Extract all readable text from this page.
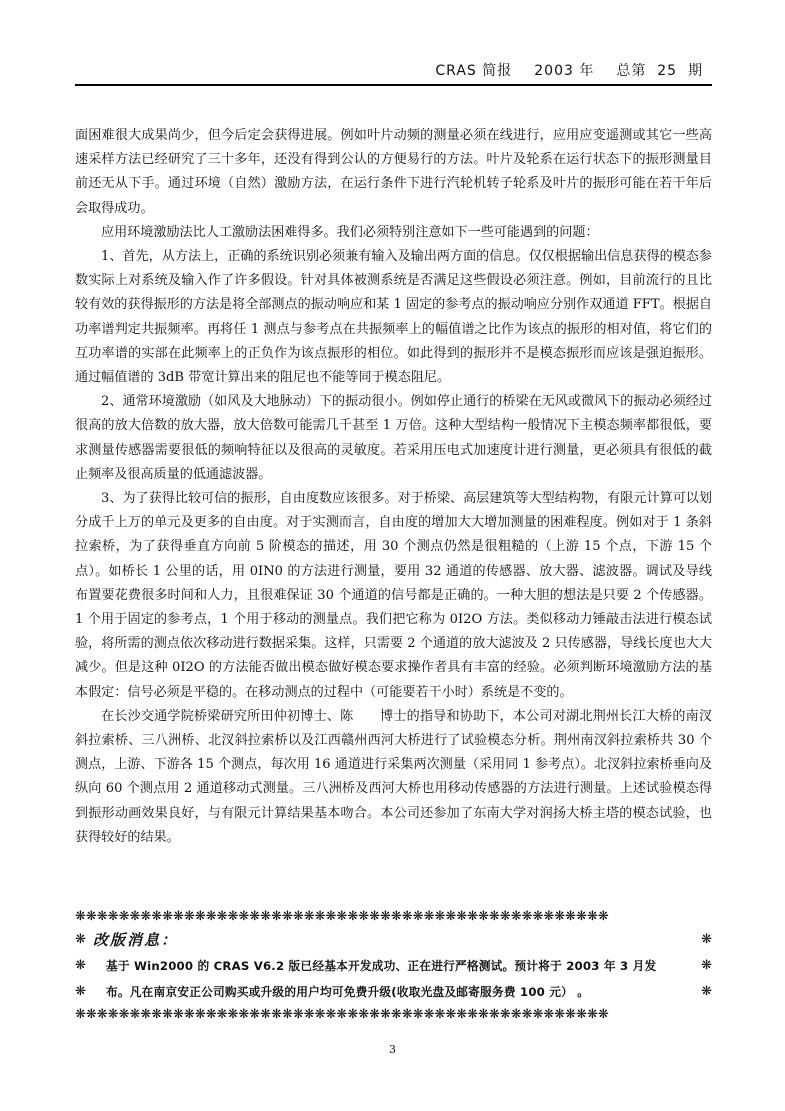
CRAS 简报 2003 年 总第 25 期

面困难很大成果尚少，但今后定会获得进展。例如叶片动频的测量必须在线进行，应用应变遥测或其它一些高速采样方法已经研究了三十多年，还没有得到公认的方便易行的方法。叶片及轮系在运行状态下的振形测量目前还无从下手。通过环境（自然）激励方法，在运行条件下进行汽轮机转子轮系及叶片的振形可能在若干年后会取得成功。

应用环境激励法比人工激励法困难得多。我们必须特别注意如下一些可能遇到的问题：

1、首先，从方法上，正确的系统识别必须兼有输入及输出两方面的信息。仅仅根据输出信息获得的模态参数实际上对系统及输入作了许多假设。针对具体被测系统是否满足这些假设必须注意。例如，目前流行的且比较有效的获得振形的方法是将全部测点的振动响应和某 1 固定的参考点的振动响应分别作双通道 FFT。根据自功率谱判定共振频率。再将任 1 测点与参考点在共振频率上的幅值谱之比作为该点的振形的相对值，将它们的互功率谱的实部在此频率上的正负作为该点振形的相位。如此得到的振形并不是模态振形而应该是强迫振形。通过幅值谱的 3dB 带宽计算出来的阻尼也不能等同于模态阻尼。

2、通常环境激励（如风及大地脉动）下的振动很小。例如停止通行的桥梁在无风或微风下的振动必须经过很高的放大倍数的放大器，放大倍数可能需几千甚至 1 万倍。这种大型结构一般情况下主模态频率都很低，要求测量传感器需要很低的频响特征以及很高的灵敏度。若采用压电式加速度计进行测量，更必须具有很低的截止频率及很高质量的低通滤波器。

3、为了获得比较可信的振形，自由度数应该很多。对于桥梁、高层建筑等大型结构物，有限元计算可以划分成千上万的单元及更多的自由度。对于实测而言，自由度的增加大大增加测量的困难程度。例如对于 1 条斜拉索桥，为了获得垂直方向前 5 阶模态的描述，用 30 个测点仍然是很粗糙的（上游 15 个点，下游 15 个点）。如桥长 1 公里的话，用 0IN0 的方法进行测量，要用 32 通道的传感器、放大器、滤波器。调试及导线布置要花费很多时间和人力，且很难保证 30 个通道的信号都是正确的。一种大胆的想法是只要 2 个传感器。1 个用于固定的参考点，1 个用于移动的测量点。我们把它称为 0I2O 方法。类似移动力锤敲击法进行模态试验，将所需的测点依次移动进行数据采集。这样，只需要 2 个通道的放大滤波及 2 只传感器，导线长度也大大减少。但是这种 0I2O 的方法能否做出模态做好模态要求操作者具有丰富的经验。必须判断环境激励方法的基本假定：信号必须是平稳的。在移动测点的过程中（可能要若干小时）系统是不变的。

在长沙交通学院桥梁研究所田仲初博士、陈　　博士的指导和协助下，本公司对湖北荆州长江大桥的南汊斜拉索桥、三八洲桥、北汊斜拉索桥以及江西赣州西河大桥进行了试验模态分析。荆州南汊斜拉索桥共 30 个测点，上游、下游各 15 个测点，每次用 16 通道进行采集两次测量（采用同 1 参考点）。北汊斜拉索桥垂向及纵向 60 个测点用 2 通道移动式测量。三八洲桥及西河大桥也用移动传感器的方法进行测量。上述试验模态得到振形动画效果良好，与有限元计算结果基本吻合。本公司还参加了东南大学对润扬大桥主塔的模态试验，也获得较好的结果。

❋❋❋❋❋❋❋❋❋❋❋❋❋❋❋❋❋❋❋❋❋❋❋❋❋❋❋❋❋❋❋❋❋❋❋❋❋❋❋❋❋❋❋❋❋❋❋❋❋
❋ 改版消息：	❋
❋	基于 Win2000 的 CRAS V6.2 版已经基本开发成功、正在进行严格测试。预计将于 2003 年 3 月发	❋
❋	布。凡在南京安正公司购买或升级的用户均可免费升级(收取光盘及邮寄服务费 100 元） 。	❋
❋❋❋❋❋❋❋❋❋❋❋❋❋❋❋❋❋❋❋❋❋❋❋❋❋❋❋❋❋❋❋❋❋❋❋❋❋❋❋❋❋❋❋❋❋❋❋❋❋
3
